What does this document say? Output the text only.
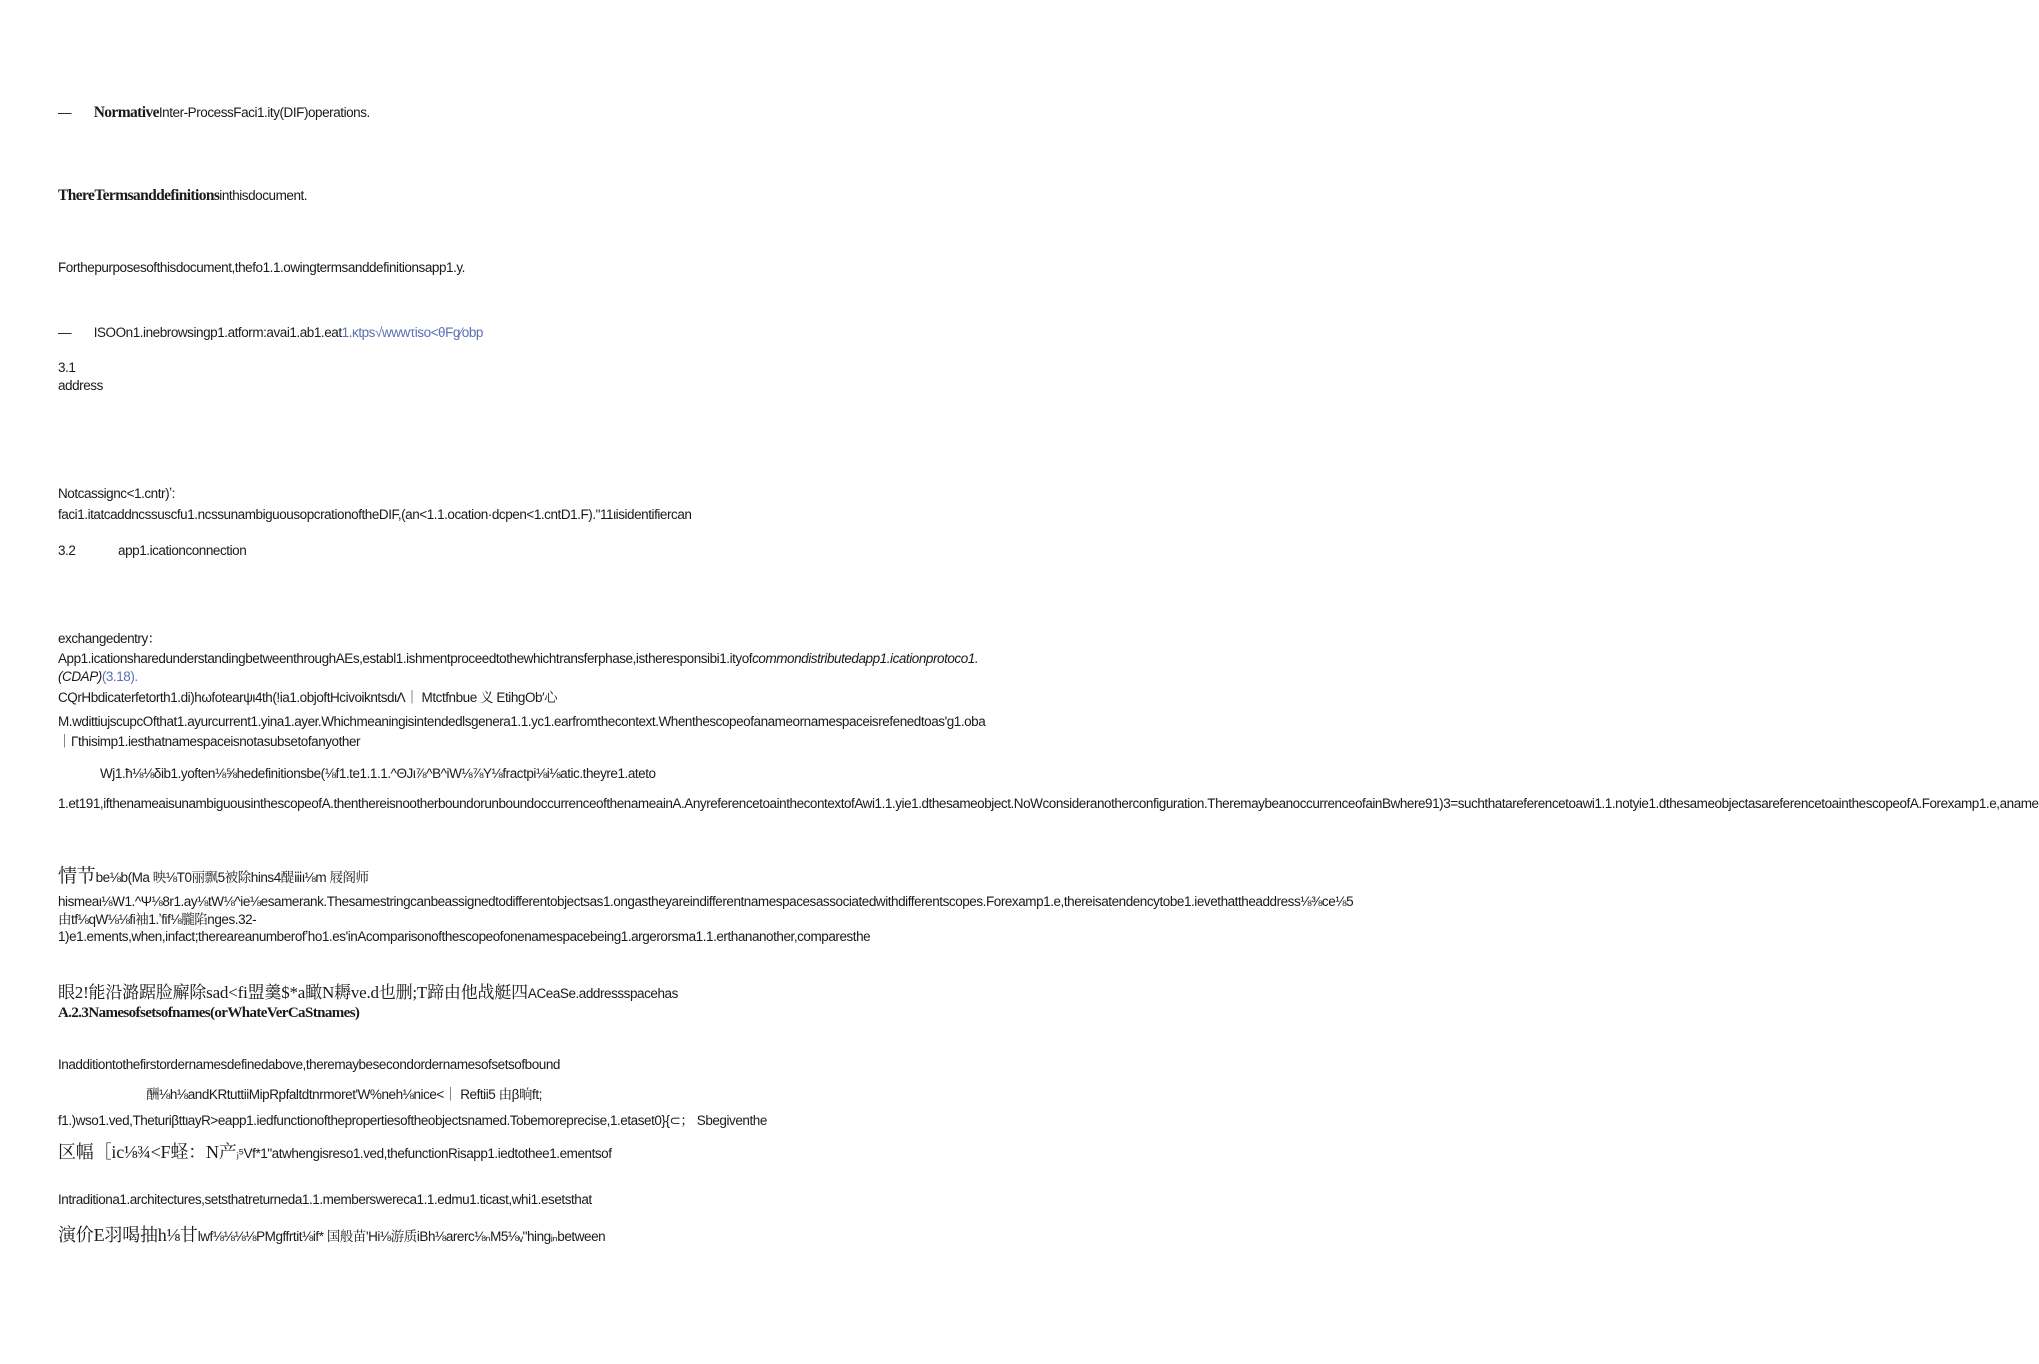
— NormativeInter-ProcessFaci1.ity(DIF)operations.

ThereTermsanddefinitionsinthisdocument.

Forthepurposesofthisdocument,thefo1.1.owingtermsanddefinitionsapp1.y.

— ISOOn1.inebrowsingp1.atform:avai1.ab1.eat1.κtps√wwwτiso<θFg⁄obp

3.1

address

Notcassignc<1.cntr)ʼ:

faci1.itatcaddncssuscfu1.ncssunambiguousopcrationoftheDIF,(an<1.1.ocation·dcpen<1.cntD1.F)."11ιisidentifiercan

3.2	app1.icationconnection

exchangedentry：

App1.icationsharedunderstandingbetweenthroughAEs,establ1.ishmentproceedtothewhichtransferphase,istheresponsibi1.ityofcommondistributedapp1.icationprotoco1.(CDAP)(3.18).

CQrHbdicaterfetorth1.di)hωfotearψι4th(!ia1.objoftHcivoikntsdιΛ｜ Mtctfnbue 义 EtihgOb′心

M.wdittiujscupcOfthat1.ayurcurrent1.yina1.ayer.Whichmeaningisintendedlsgenera1.1.yc1.earfromthecontext.Whenthescopeofanameornamespaceisrefenedtoas'g1.oba｜Γthisimp1.iesthatnamespaceisnotasubsetofanyother

Wj1.ħ⅛⅛δib1.yoften⅛⅝hedefinitionsbe(⅛f1.te1.1.1.^ΘJι⅞^B^iW⅛⅞Y⅛fractpi⅛i⅛atic.theyre1.ateto

1.et191,ifthenameaisunambiguousinthescopeofA.thenthereisnootherboundorunboundoccurrenceofthenameainA.AnyreferencetoainthecontextofAwi1.1.yie1.dthesameobject.NoWconsideranotherconfiguration.TheremaybeanoccurrenceofainBwhere91)3=suchthatareferencetoawi1.1.notyie1.dthesameobjectasareferencetoainthescopeofA.Forexamp1.e,aname

情节be⅛b(Ma 映⅛T0丽飘5被除hins4醍ⅲι⅛m 屐阁师

hismeaι⅛W1.^Ψ⅛8r1.ay⅛tW⅛^ie⅛esamerank.Thesamestringcanbeassignedtodifferentobjectsas1.ongastheyareindifferentnamespacesassociatedwithdifferentscopes.Forexamp1.e,thereisatendencytobe1.ievethattheaddress⅛⅜ce⅛5由tf⅛qW⅛⅛fi袖1.ʼfif⅛朧陷nges.32-1)e1.ements,when,infact;thereareanumberofʼho1.es'inAcomparisonofthescopeofonenamespacebeing1.argerorsma1.1.erthananother,comparesthe

眼2!能沿潞踞脸廨除sad<fi盟羹$*a瞰N耨ve.d也删;T蹄由他战艇四ACeaSe.addressspacehas

A.2.3Namesofsetsofnames(orWhateVerCaStnames)

Inadditiontothefirstordernamesdefinedabove,theremaybesecondordernamesofsetsofbound

酬⅛h⅛andKRtuttiiMipRpfaltdtnrmoret'W%neh⅛nice<｜ Reftii5 由β晌ft;

f1.)wso1.ved,TheturiβttιayR>eapp1.iedfunctionofthepropertiesoftheobjectsnamed.Tobemoreprecise,1.etaset0}{⊂； Sbegiventhe

区幅［ic⅛¾<F蛏：N产ⱼ⁵Vf*1"atwhengisreso1.ved,thefunctionRisapp1.iedtothee1.ementsof

Intraditiona1.architectures,setsthatreturneda1.1.memberswereca1.1.edmu1.ticast,whi1.esetsthat

演价E羽喝抽h⅛甘lwf⅛⅛⅛⅛PMgffrtit⅛if* 国般苗'Hi⅛游质iBh⅛arerc⅛ₙM5⅛ᵥ"hingᵢₙbetween
